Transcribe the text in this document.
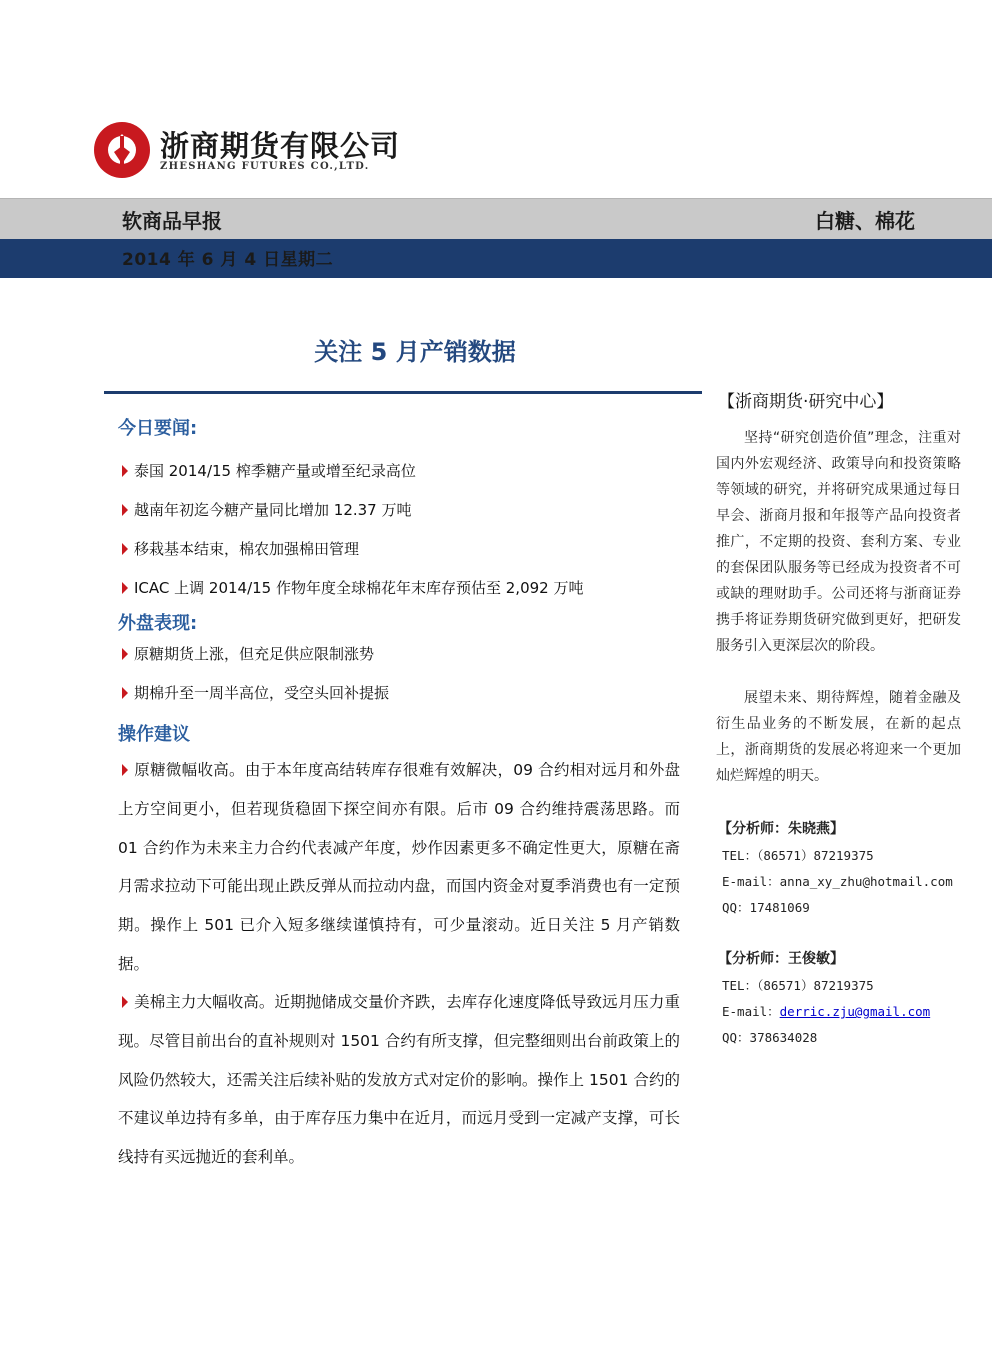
浙商期货有限公司
ZHESHANG FUTURES CO.,LTD.
软商品早报	白糖、棉花
2014 年 6 月 4 日星期二
关注 5 月产销数据
今日要闻:
泰国 2014/15 榨季糖产量或增至纪录高位
越南年初迄今糖产量同比增加 12.37 万吨
移栽基本结束，棉农加强棉田管理
ICAC 上调 2014/15 作物年度全球棉花年末库存预估至 2,092 万吨
外盘表现:
原糖期货上涨，但充足供应限制涨势
期棉升至一周半高位，受空头回补提振
操作建议
原糖微幅收高。由于本年度高结转库存很难有效解决，09 合约相对远月和外盘上方空间更小，但若现货稳固下探空间亦有限。后市 09 合约维持震荡思路。而 01 合约作为未来主力合约代表减产年度，炒作因素更多不确定性更大，原糖在斋月需求拉动下可能出现止跌反弹从而拉动内盘，而国内资金对夏季消费也有一定预期。操作上 501 已介入短多继续谨慎持有，可少量滚动。近日关注 5 月产销数据。
美棉主力大幅收高。近期抛储成交量价齐跌，去库存化速度降低导致远月压力重现。尽管目前出台的直补规则对 1501 合约有所支撑，但完整细则出台前政策上的风险仍然较大，还需关注后续补贴的发放方式对定价的影响。操作上 1501 合约的不建议单边持有多单，由于库存压力集中在近月，而远月受到一定减产支撑，可长线持有买远抛近的套利单。
【浙商期货·研究中心】
坚持“研究创造价值”理念，注重对国内外宏观经济、政策导向和投资策略等领域的研究，并将研究成果通过每日早会、浙商月报和年报等产品向投资者推广，不定期的投资、套利方案、专业的套保团队服务等已经成为投资者不可或缺的理财助手。公司还将与浙商证券携手将证券期货研究做到更好，把研发服务引入更深层次的阶段。
展望未来、期待辉煌，随着金融及衍生品业务的不断发展，在新的起点上，浙商期货的发展必将迎来一个更加灿烂辉煌的明天。
【分析师：朱晓燕】
TEL：（86571）87219375
E-mail：anna_xy_zhu@hotmail.com
QQ：17481069
【分析师：王俊敏】
TEL：（86571）87219375
E-mail：derric.zju@gmail.com
QQ：378634028
